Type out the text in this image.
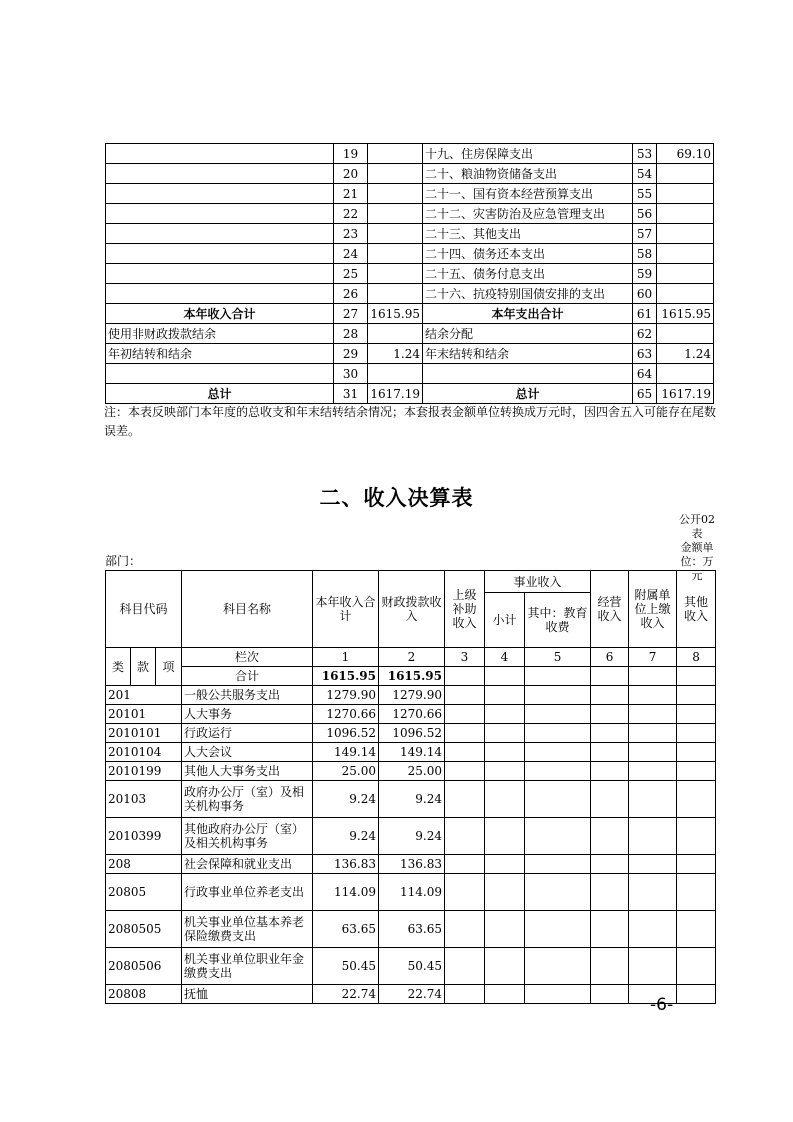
	19		十九、住房保障支出	53	69.10
	20		二十、粮油物资储备支出	54	
	21		二十一、国有资本经营预算支出	55	
	22		二十二、灾害防治及应急管理支出	56	
	23		二十三、其他支出	57	
	24		二十四、债务还本支出	58	
	25		二十五、债务付息支出	59	
	26		二十六、抗疫特别国债安排的支出	60	
本年收入合计	27	1615.95	本年支出合计	61	1615.95
使用非财政拨款结余	28		结余分配	62	
年初结转和结余	29	1.24	年末结转和结余	63	1.24
	30			64	
总计	31	1617.19	总计	65	1617.19
注：本表反映部门本年度的总收支和年末结转结余情况；本套报表金额单位转换成万元时，因四舍五入可能存在尾数误差。
二、收入决算表
公开02表
金额单位：万元
部门：
科目代码			科目名称	本年收入合计	财政拨款收入	上级补助收入	事业收入		经营收入	附属单位上缴收入	其他收入
							小计	其中：教育收费			

类	款	项	栏次	1	2	3	4	5	6	7	8
			合计	1615.95	1615.95						
201			一般公共服务支出	1279.90	1279.90						
20101			人大事务	1270.66	1270.66						
2010101			行政运行	1096.52	1096.52						
2010104			人大会议	149.14	149.14						
2010199			其他人大事务支出	25.00	25.00						
20103			政府办公厅（室）及相关机构事务	9.24	9.24						
2010399			其他政府办公厅（室）及相关机构事务	9.24	9.24						
208			社会保障和就业支出	136.83	136.83						
20805			行政事业单位养老支出	114.09	114.09						
2080505			机关事业单位基本养老保险缴费支出	63.65	63.65						
2080506			机关事业单位职业年金缴费支出	50.45	50.45						
20808			抚恤	22.74	22.74						
-6-
